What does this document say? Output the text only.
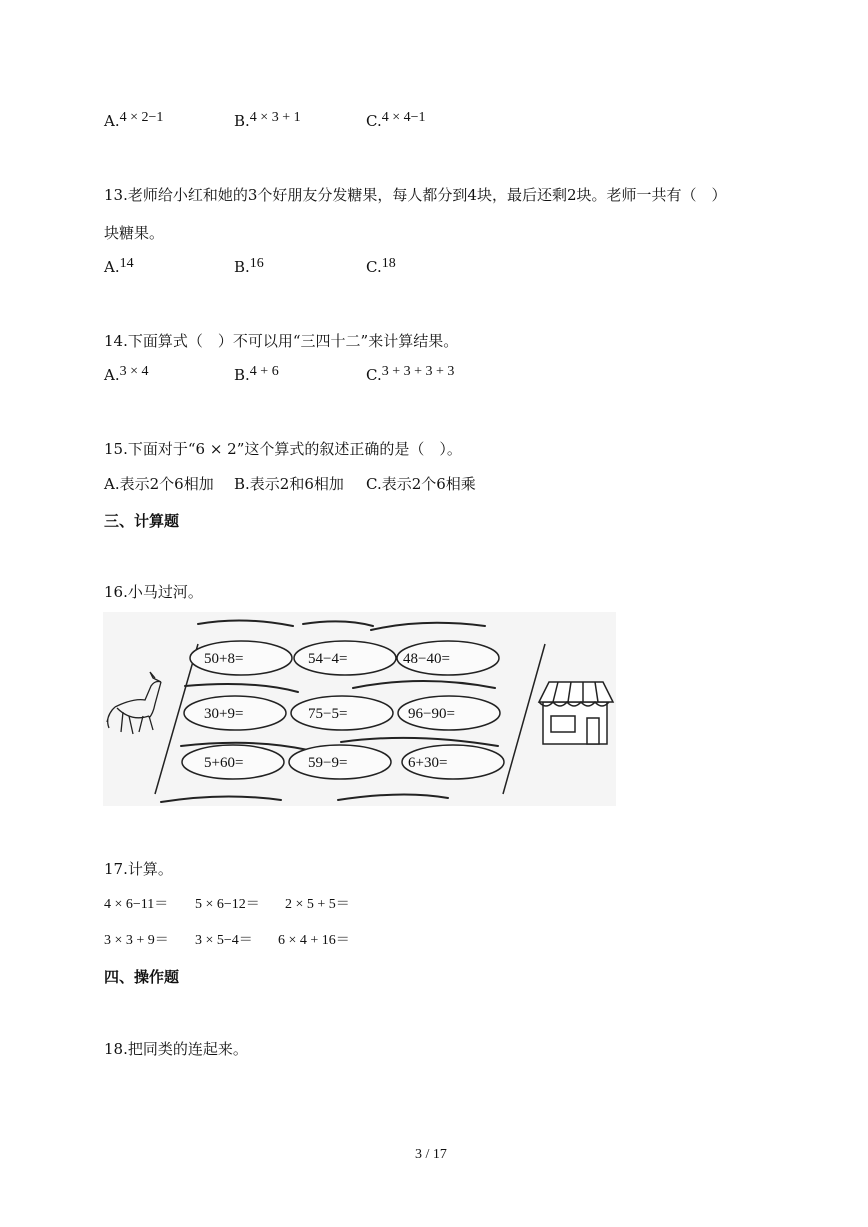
A.4 × 2−1	B.4 × 3 + 1	C.4 × 4−1
13.老师给小红和她的3个好朋友分发糖果，每人都分到4块，最后还剩2块。老师一共有（　）
块糖果。
A.14	B.16	C.18
14.下面算式（　）不可以用“三四十二”来计算结果。
A.3 × 4	B.4 + 6	C.3 + 3 + 3 + 3
15.下面对于“6 × 2”这个算式的叙述正确的是（　）。
A.表示2个6相加 B.表示2和6相加 C.表示2个6相乘
三、计算题
16.小马过河。
50+8=	54−4=	48−40=
30+9=	75−5=	96−90=
5+60=	59−9=	6+30=
17.计算。
4 × 6−11＝ 5 × 6−12＝ 2 × 5 + 5＝
3 × 3 + 9＝ 3 × 5−4＝ 6 × 4 + 16＝
四、操作题
18.把同类的连起来。
3 / 17
